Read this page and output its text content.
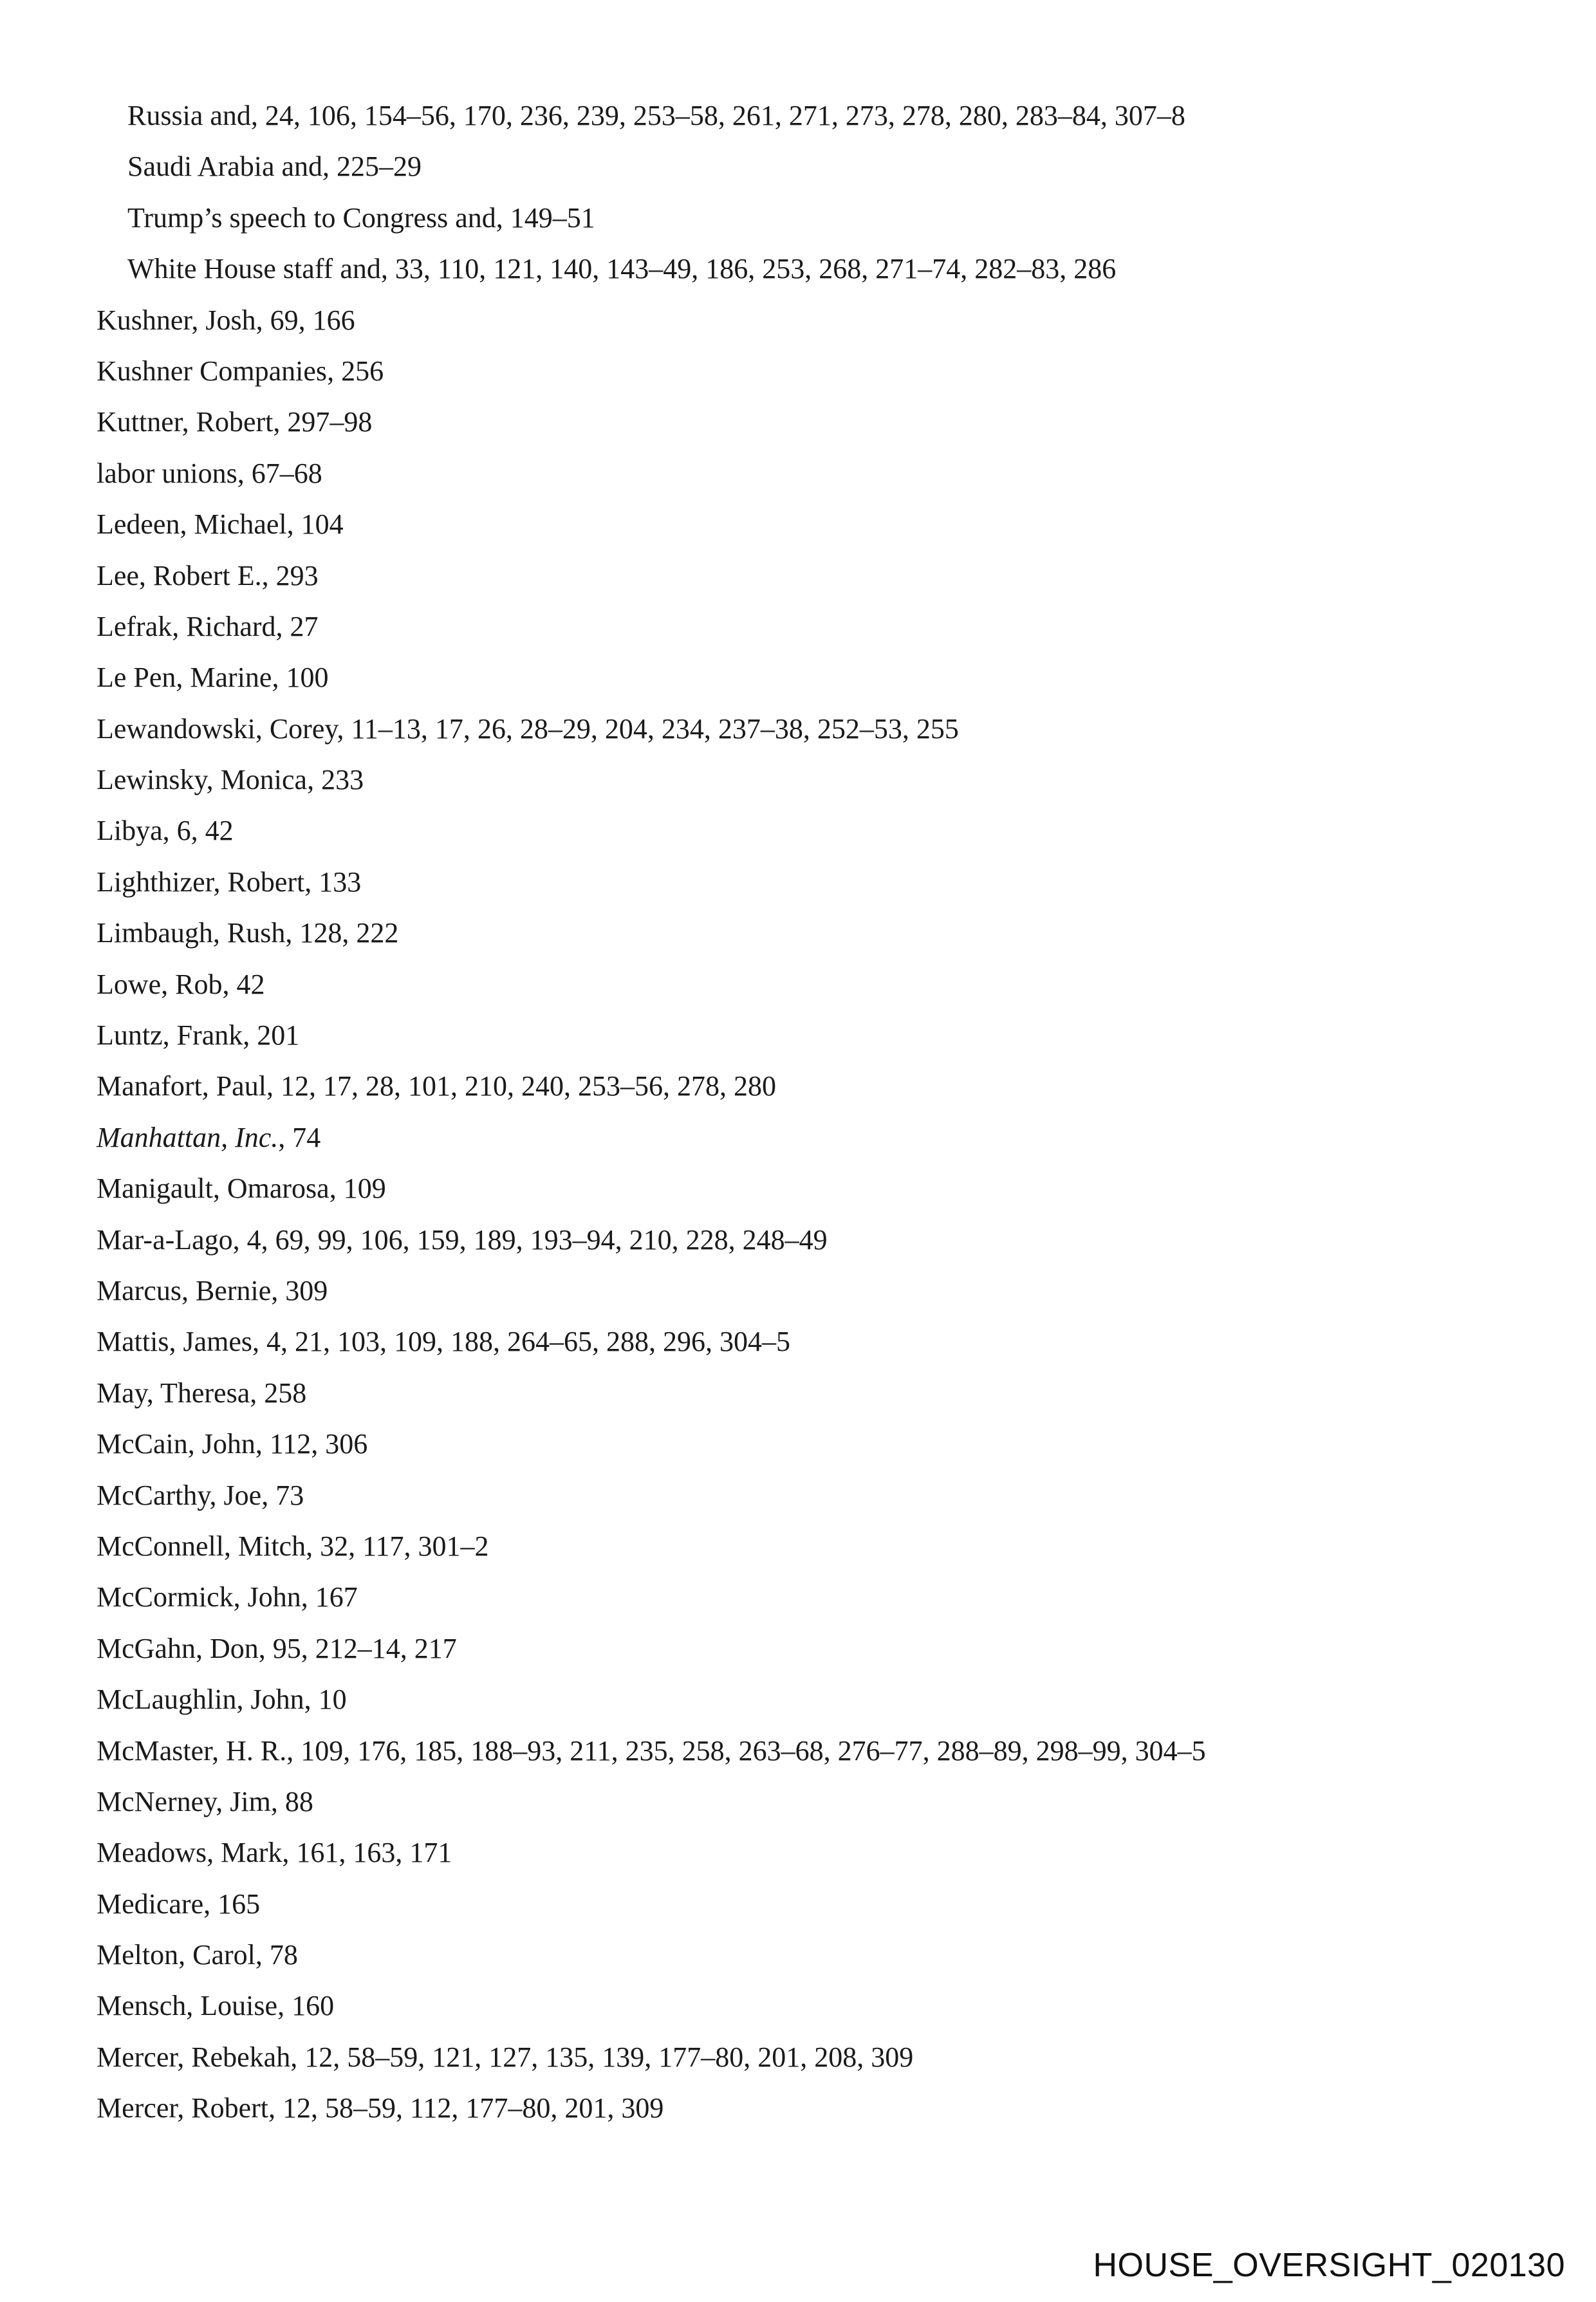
Russia and, 24, 106, 154–56, 170, 236, 239, 253–58, 261, 271, 273, 278, 280, 283–84, 307–8
Saudi Arabia and, 225–29
Trump’s speech to Congress and, 149–51
White House staff and, 33, 110, 121, 140, 143–49, 186, 253, 268, 271–74, 282–83, 286
Kushner, Josh, 69, 166
Kushner Companies, 256
Kuttner, Robert, 297–98
labor unions, 67–68
Ledeen, Michael, 104
Lee, Robert E., 293
Lefrak, Richard, 27
Le Pen, Marine, 100
Lewandowski, Corey, 11–13, 17, 26, 28–29, 204, 234, 237–38, 252–53, 255
Lewinsky, Monica, 233
Libya, 6, 42
Lighthizer, Robert, 133
Limbaugh, Rush, 128, 222
Lowe, Rob, 42
Luntz, Frank, 201
Manafort, Paul, 12, 17, 28, 101, 210, 240, 253–56, 278, 280
Manhattan, Inc., 74
Manigault, Omarosa, 109
Mar-a-Lago, 4, 69, 99, 106, 159, 189, 193–94, 210, 228, 248–49
Marcus, Bernie, 309
Mattis, James, 4, 21, 103, 109, 188, 264–65, 288, 296, 304–5
May, Theresa, 258
McCain, John, 112, 306
McCarthy, Joe, 73
McConnell, Mitch, 32, 117, 301–2
McCormick, John, 167
McGahn, Don, 95, 212–14, 217
McLaughlin, John, 10
McMaster, H. R., 109, 176, 185, 188–93, 211, 235, 258, 263–68, 276–77, 288–89, 298–99, 304–5
McNerney, Jim, 88
Meadows, Mark, 161, 163, 171
Medicare, 165
Melton, Carol, 78
Mensch, Louise, 160
Mercer, Rebekah, 12, 58–59, 121, 127, 135, 139, 177–80, 201, 208, 309
Mercer, Robert, 12, 58–59, 112, 177–80, 201, 309
HOUSE_OVERSIGHT_020130
